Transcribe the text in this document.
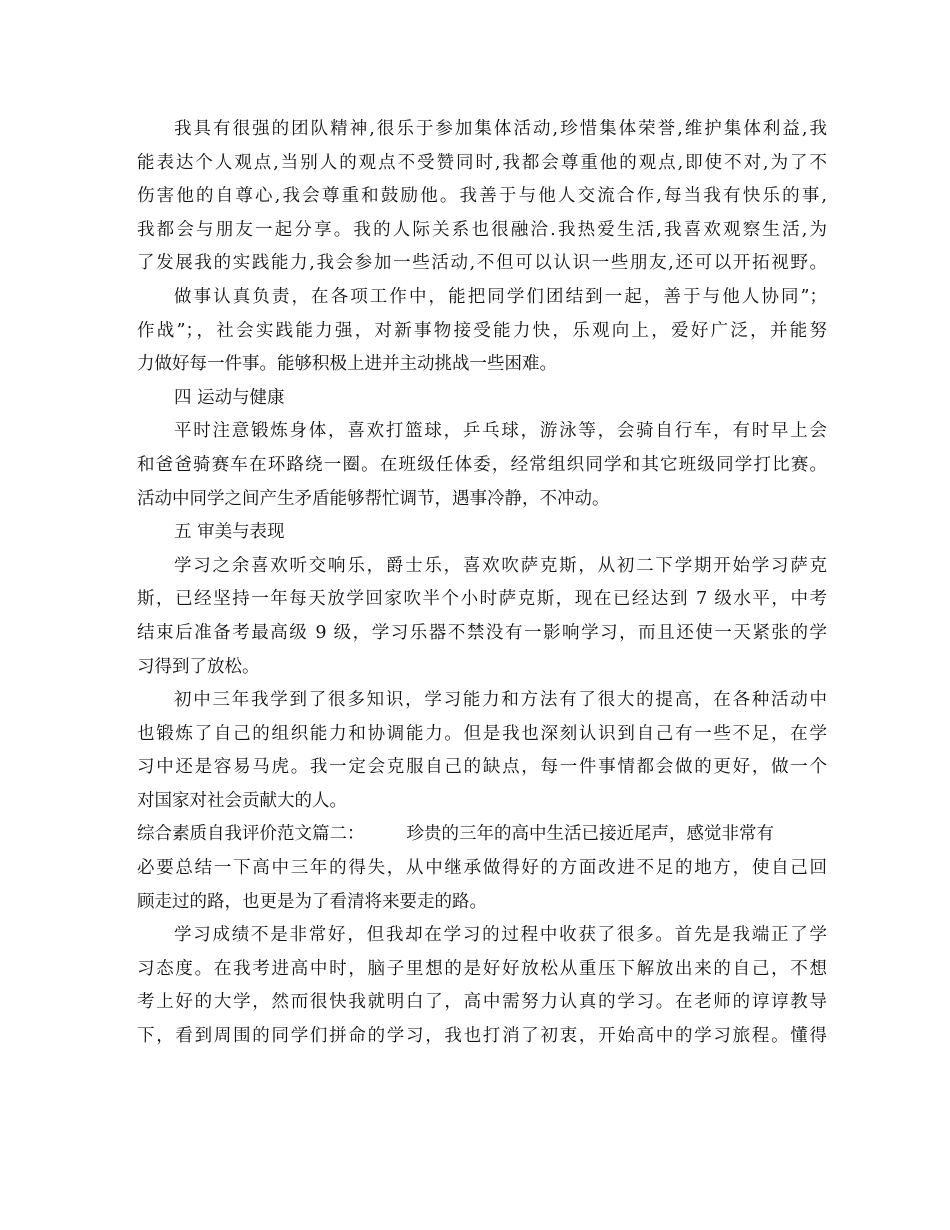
我具有很强的团队精神,很乐于参加集体活动,珍惜集体荣誉,维护集体利益,我
能表达个人观点,当别人的观点不受赞同时,我都会尊重他的观点,即使不对,为了不
伤害他的自尊心,我会尊重和鼓励他。我善于与他人交流合作,每当我有快乐的事,
我都会与朋友一起分享。我的人际关系也很融洽.我热爱生活,我喜欢观察生活,为
了发展我的实践能力,我会参加一些活动,不但可以认识一些朋友,还可以开拓视野。
做事认真负责，在各项工作中，能把同学们团结到一起，善于与他人协同”；
作战”；，社会实践能力强，对新事物接受能力快，乐观向上，爱好广泛，并能努
力做好每一件事。能够积极上进并主动挑战一些困难。
四 运动与健康
平时注意锻炼身体，喜欢打篮球，乒乓球，游泳等，会骑自行车，有时早上会
和爸爸骑赛车在环路绕一圈。在班级任体委，经常组织同学和其它班级同学打比赛。
活动中同学之间产生矛盾能够帮忙调节，遇事冷静，不冲动。
五 审美与表现
学习之余喜欢听交响乐，爵士乐，喜欢吹萨克斯，从初二下学期开始学习萨克
斯，已经坚持一年每天放学回家吹半个小时萨克斯，现在已经达到 7 级水平，中考
结束后准备考最高级 9 级，学习乐器不禁没有一影响学习，而且还使一天紧张的学
习得到了放松。
初中三年我学到了很多知识，学习能力和方法有了很大的提高，在各种活动中
也锻炼了自己的组织能力和协调能力。但是我也深刻认识到自己有一些不足，在学
习中还是容易马虎。我一定会克服自己的缺点，每一件事情都会做的更好，做一个
对国家对社会贡献大的人。
综合素质自我评价范文篇二： 珍贵的三年的高中生活已接近尾声，感觉非常有
必要总结一下高中三年的得失，从中继承做得好的方面改进不足的地方，使自己回
顾走过的路，也更是为了看清将来要走的路。
学习成绩不是非常好，但我却在学习的过程中收获了很多。首先是我端正了学
习态度。在我考进高中时，脑子里想的是好好放松从重压下解放出来的自己，不想
考上好的大学，然而很快我就明白了，高中需努力认真的学习。在老师的谆谆教导
下，看到周围的同学们拼命的学习，我也打消了初衷，开始高中的学习旅程。懂得
